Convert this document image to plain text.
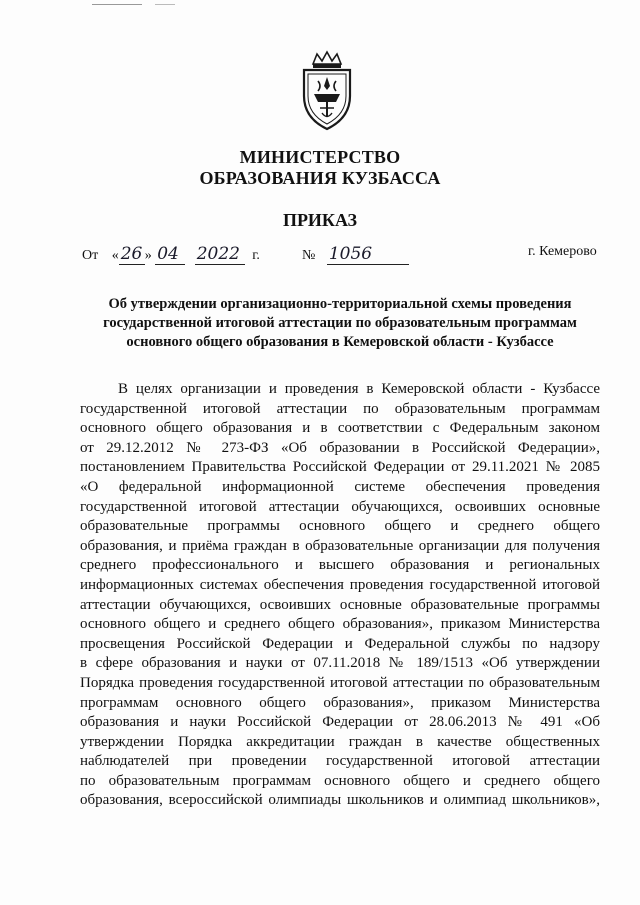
МИНИСТЕРСТВО
ОБРАЗОВАНИЯ КУЗБАССА
ПРИКАЗ
От « 26 » 04 2022 г.	№ 1056	г. Кемерово
Об утверждении организационно-территориальной схемы проведения
государственной итоговой аттестации по образовательным программам
основного общего образования в Кемеровской области - Кузбассе
В целях организации и проведения в Кемеровской области - Кузбассе
государственной итоговой аттестации по образовательным программам
основного общего образования и в соответствии с Федеральным законом
от 29.12.2012 № 273-ФЗ «Об образовании в Российской Федерации»,
постановлением Правительства Российской Федерации от 29.11.2021 № 2085
«О федеральной информационной системе обеспечения проведения
государственной итоговой аттестации обучающихся, освоивших основные
образовательные программы основного общего и среднего общего
образования, и приёма граждан в образовательные организации для получения
среднего профессионального и высшего образования и региональных
информационных системах обеспечения проведения государственной итоговой
аттестации обучающихся, освоивших основные образовательные программы
основного общего и среднего общего образования», приказом Министерства
просвещения Российской Федерации и Федеральной службы по надзору
в сфере образования и науки от 07.11.2018 № 189/1513 «Об утверждении
Порядка проведения государственной итоговой аттестации по образовательным
программам основного общего образования», приказом Министерства
образования и науки Российской Федерации от 28.06.2013 № 491 «Об
утверждении Порядка аккредитации граждан в качестве общественных
наблюдателей при проведении государственной итоговой аттестации
по образовательным программам основного общего и среднего общего
образования, всероссийской олимпиады школьников и олимпиад школьников»,
